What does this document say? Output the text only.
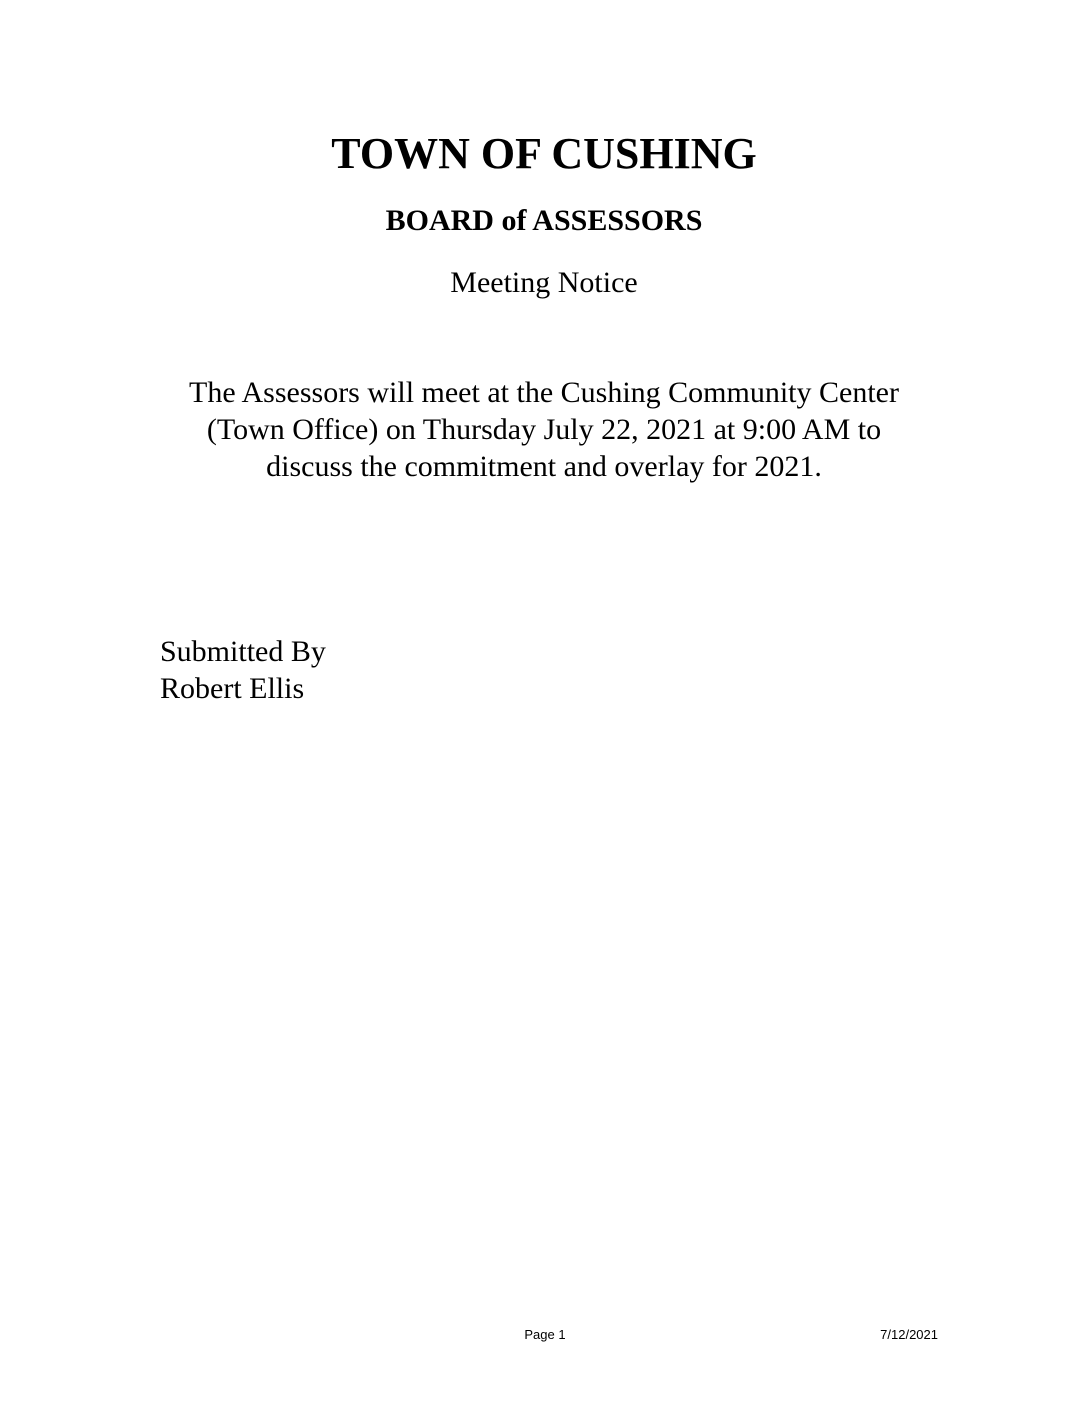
TOWN OF CUSHING
BOARD of ASSESSORS

Meeting Notice

The Assessors will meet at the Cushing Community Center
(Town Office) on Thursday July 22, 2021 at 9:00 AM to
discuss the commitment and overlay for 2021.

Submitted By
Robert Ellis

Page 1	7/12/2021
